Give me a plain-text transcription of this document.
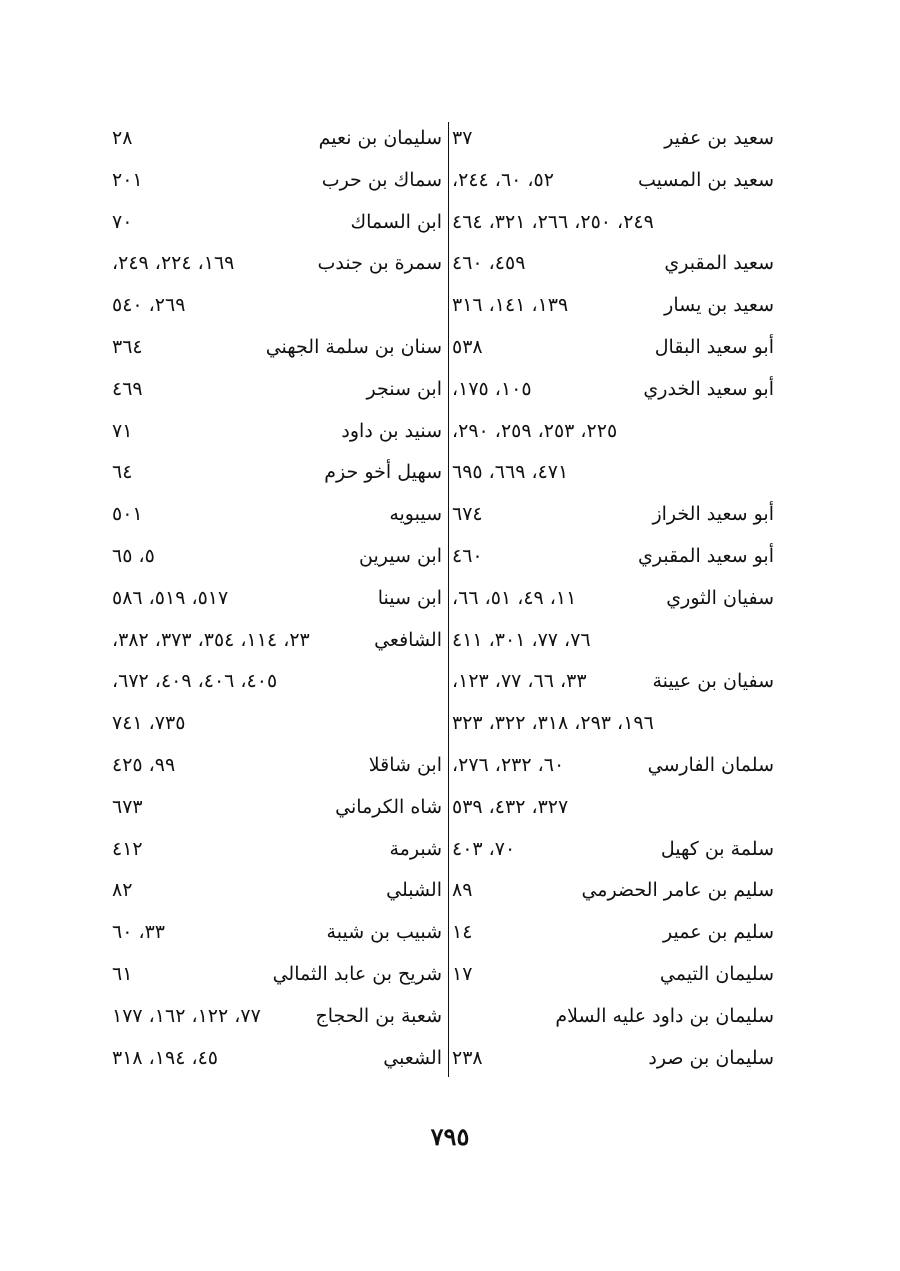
سعيد بن عفير
٣٧
سعيد بن المسيب
٥٢، ٦٠، ٢٤٤،
٢٤٩، ٢٥٠، ٢٦٦، ٣٢١، ٤٦٤
سعيد المقبري
٤٥٩، ٤٦٠
سعيد بن يسار
١٣٩، ١٤١، ٣١٦
أبو سعيد البقال
٥٣٨
أبو سعيد الخدري
١٠٥، ١٧٥،
٢٢٥، ٢٥٣، ٢٥٩، ٢٩٠،
٤٧١، ٦٦٩، ٦٩٥
أبو سعيد الخراز
٦٧٤
أبو سعيد المقبري
٤٦٠
سفيان الثوري
١١، ٤٩، ٥١، ٦٦،
٧٦، ٧٧، ٣٠١، ٤١١
سفيان بن عيينة
٣٣، ٦٦، ٧٧، ١٢٣،
١٩٦، ٢٩٣، ٣١٨، ٣٢٢، ٣٢٣
سلمان الفارسي
٦٠، ٢٣٢، ٢٧٦،
٣٢٧، ٤٣٢، ٥٣٩
سلمة بن كهيل
٧٠، ٤٠٣
سليم بن عامر الحضرمي
٨٩
سليم بن عمير
١٤
سليمان التيمي
١٧
سليمان بن داود عليه السلام
سليمان بن صرد
٢٣٨
سليمان بن نعيم
٢٨
سماك بن حرب
٢٠١
ابن السماك
٧٠
سمرة بن جندب
١٦٩، ٢٢٤، ٢٤٩،
٢٦٩، ٥٤٠
سنان بن سلمة الجهني
٣٦٤
ابن سنجر
٤٦٩
سنيد بن داود
٧١
سهيل أخو حزم
٦٤
سيبويه
٥٠١
ابن سيرين
٥، ٦٥
ابن سينا
٥١٧، ٥١٩، ٥٨٦
الشافعي
٢٣، ١١٤، ٣٥٤، ٣٧٣، ٣٨٢،
٤٠٥، ٤٠٦، ٤٠٩، ٦٧٢،
٧٣٥، ٧٤١
ابن شاقلا
٩٩، ٤٢٥
شاه الكرماني
٦٧٣
شبرمة
٤١٢
الشبلي
٨٢
شبيب بن شيبة
٣٣، ٦٠
شريح بن عابد الثمالي
٦١
شعبة بن الحجاج
٧٧، ١٢٢، ١٦٢، ١٧٧
الشعبي
٤٥، ١٩٤، ٣١٨
٧٩٥
